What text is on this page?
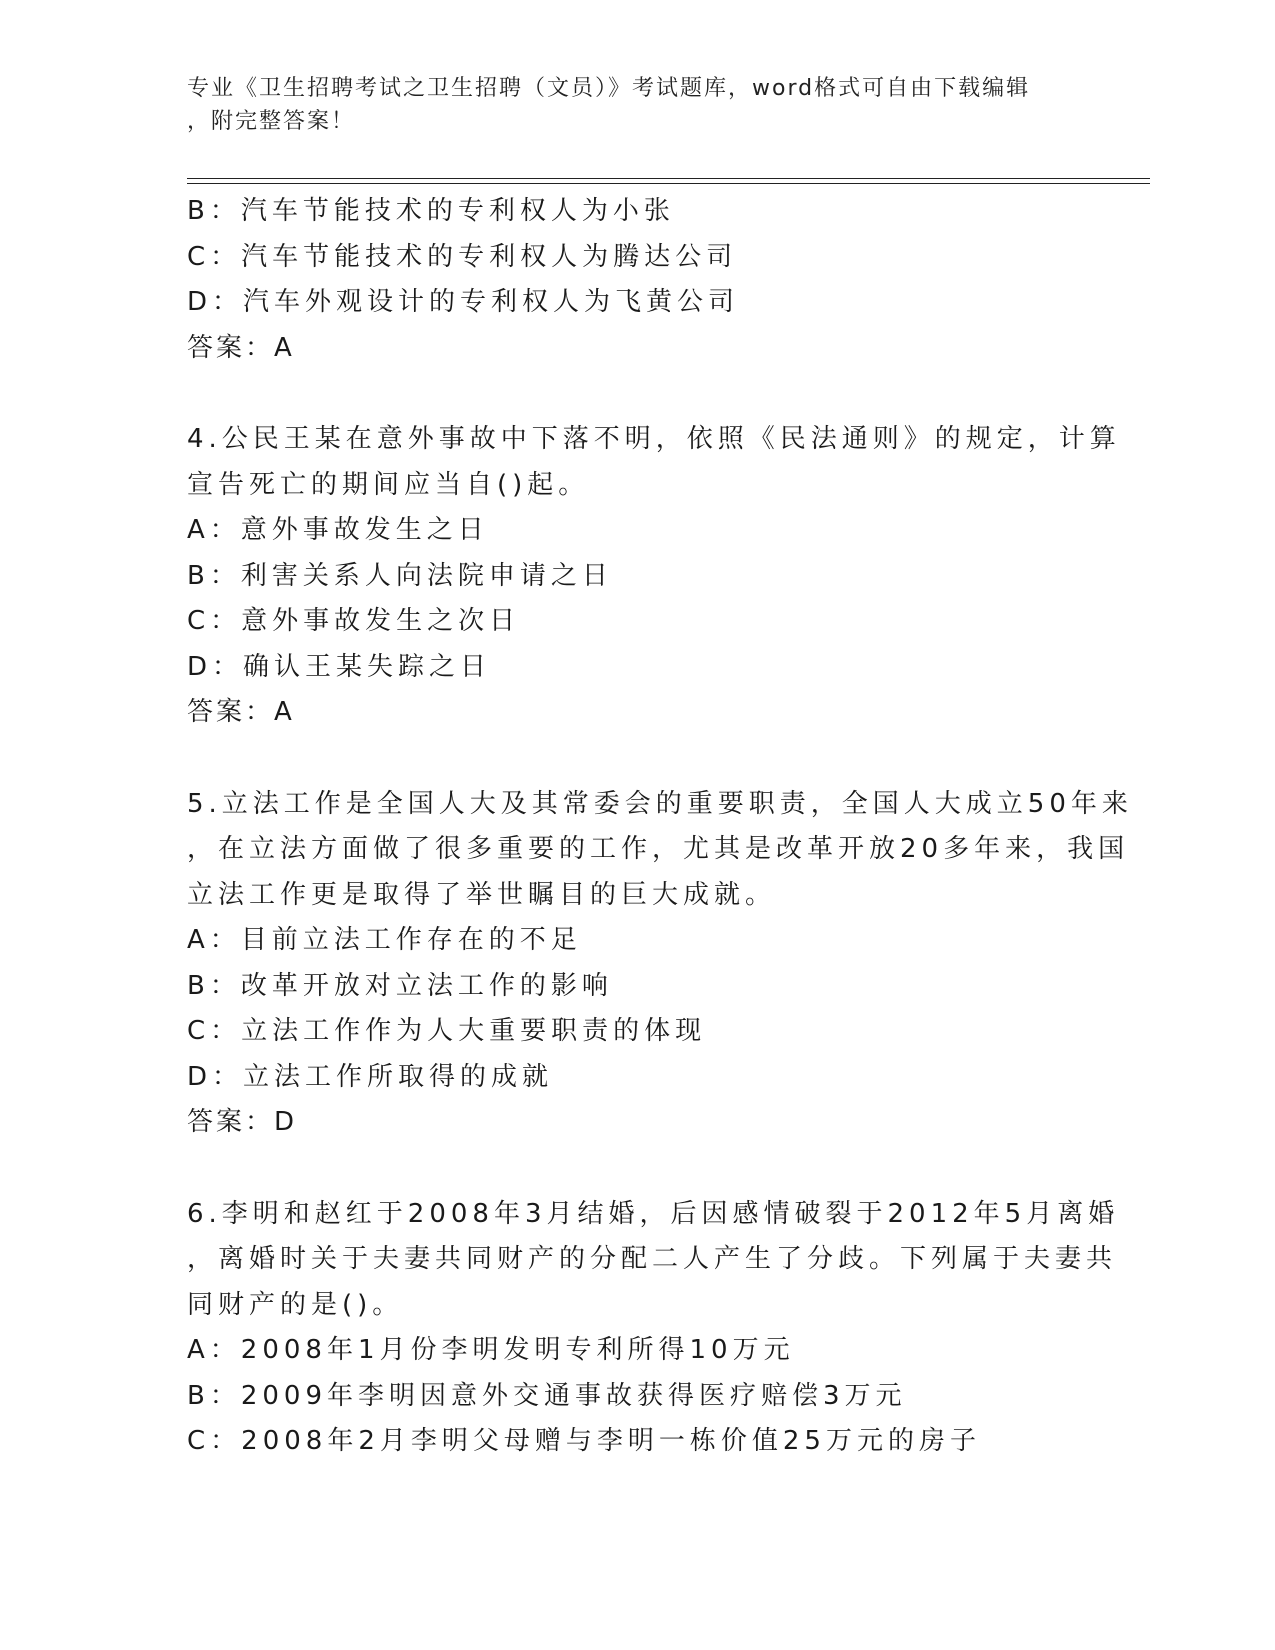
专业《卫生招聘考试之卫生招聘（文员）》考试题库，word格式可自由下载编辑
，附完整答案！
B：汽车节能技术的专利权人为小张
C：汽车节能技术的专利权人为腾达公司
D：汽车外观设计的专利权人为飞黄公司
答案：A
4.公民王某在意外事故中下落不明，依照《民法通则》的规定，计算
宣告死亡的期间应当自()起。
A：意外事故发生之日
B：利害关系人向法院申请之日
C：意外事故发生之次日
D：确认王某失踪之日
答案：A
5.立法工作是全国人大及其常委会的重要职责，全国人大成立50年来
，在立法方面做了很多重要的工作，尤其是改革开放20多年来，我国
立法工作更是取得了举世瞩目的巨大成就。
A：目前立法工作存在的不足
B：改革开放对立法工作的影响
C：立法工作作为人大重要职责的体现
D：立法工作所取得的成就
答案：D
6.李明和赵红于2008年3月结婚，后因感情破裂于2012年5月离婚
，离婚时关于夫妻共同财产的分配二人产生了分歧。下列属于夫妻共
同财产的是()。
A：2008年1月份李明发明专利所得10万元
B：2009年李明因意外交通事故获得医疗赔偿3万元
C：2008年2月李明父母赠与李明一栋价值25万元的房子
